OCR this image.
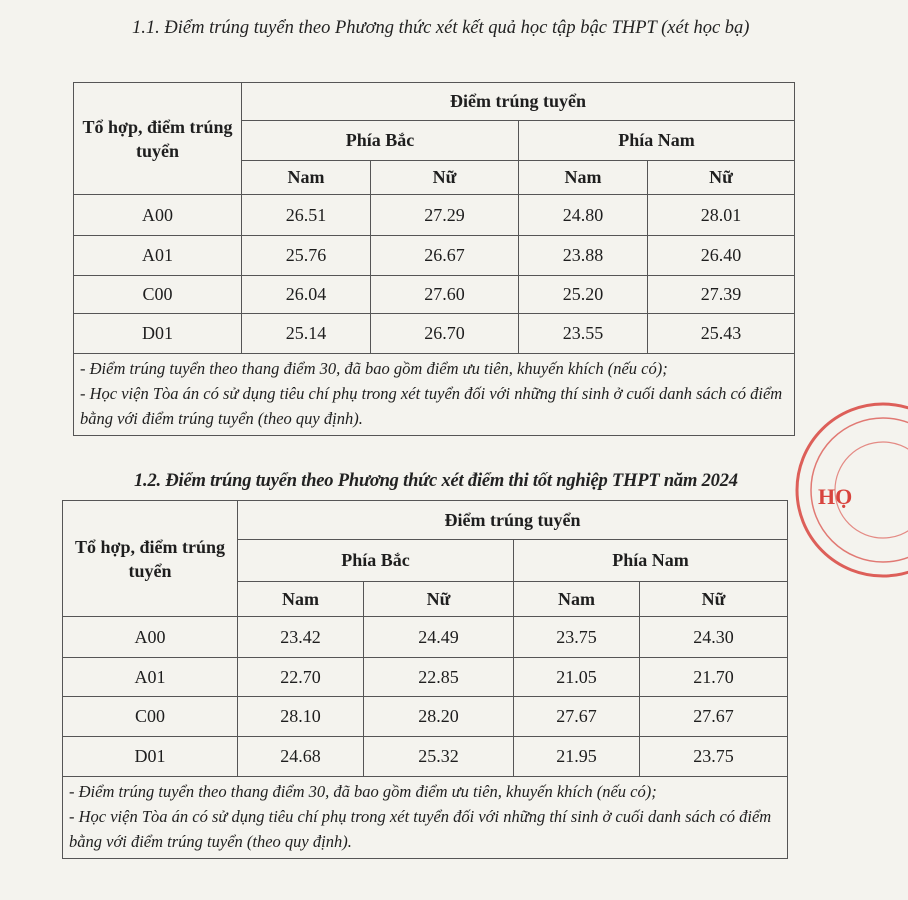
1.1. Điểm trúng tuyển theo Phương thức xét kết quả học tập bậc THPT (xét học bạ)
Tổ hợp, điểm trúng tuyển	Điểm trúng tuyển			
	Phía Bắc		Phía Nam	
	Nam	Nữ	Nam	Nữ
A00	26.51	27.29	24.80	28.01
A01	25.76	26.67	23.88	26.40
C00	26.04	27.60	25.20	27.39
D01	25.14	26.70	23.55	25.43

- Điểm trúng tuyển theo thang điểm 30, đã bao gồm điểm ưu tiên, khuyến khích (nếu có);
- Học viện Tòa án có sử dụng tiêu chí phụ trong xét tuyển đối với những thí sinh ở cuối danh sách có điểm bằng với điểm trúng tuyển (theo quy định).				
1.2. Điểm trúng tuyển theo Phương thức xét điểm thi tốt nghiệp THPT năm 2024
Tổ hợp, điểm trúng tuyển	Điểm trúng tuyển			
	Phía Bắc		Phía Nam	
	Nam	Nữ	Nam	Nữ
A00	23.42	24.49	23.75	24.30
A01	22.70	22.85	21.05	21.70
C00	28.10	28.20	27.67	27.67
D01	24.68	25.32	21.95	23.75

- Điểm trúng tuyển theo thang điểm 30, đã bao gồm điểm ưu tiên, khuyến khích (nếu có);
- Học viện Tòa án có sử dụng tiêu chí phụ trong xét tuyển đối với những thí sinh ở cuối danh sách có điểm bằng với điểm trúng tuyển (theo quy định).				
HỌ
